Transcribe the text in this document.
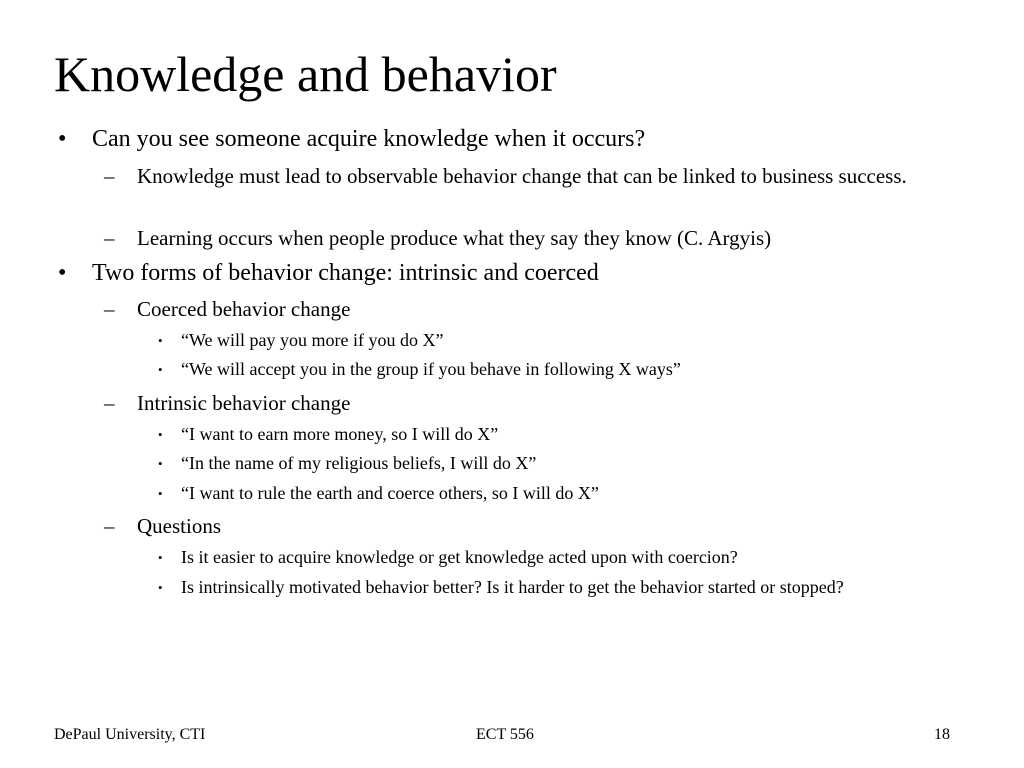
Knowledge and behavior
• Can you see someone acquire knowledge when it occurs?
– Knowledge must lead to observable behavior change that can be linked to business success.
– Learning occurs when people produce what they say they know (C. Argyis)
• Two forms of behavior change: intrinsic and coerced
– Coerced behavior change
• “We will pay you more if you do X”
• “We will accept you in the group if you behave in following X ways”
– Intrinsic behavior change
• “I want to earn more money, so I will do X”
• “In the name of my religious beliefs, I will do X”
• “I want to rule the earth and coerce others, so I will do X”
– Questions
• Is it easier to acquire knowledge or get knowledge acted upon with coercion?
• Is intrinsically motivated behavior better? Is it harder to get the behavior started or stopped?
DePaul University, CTI	ECT 556	18
